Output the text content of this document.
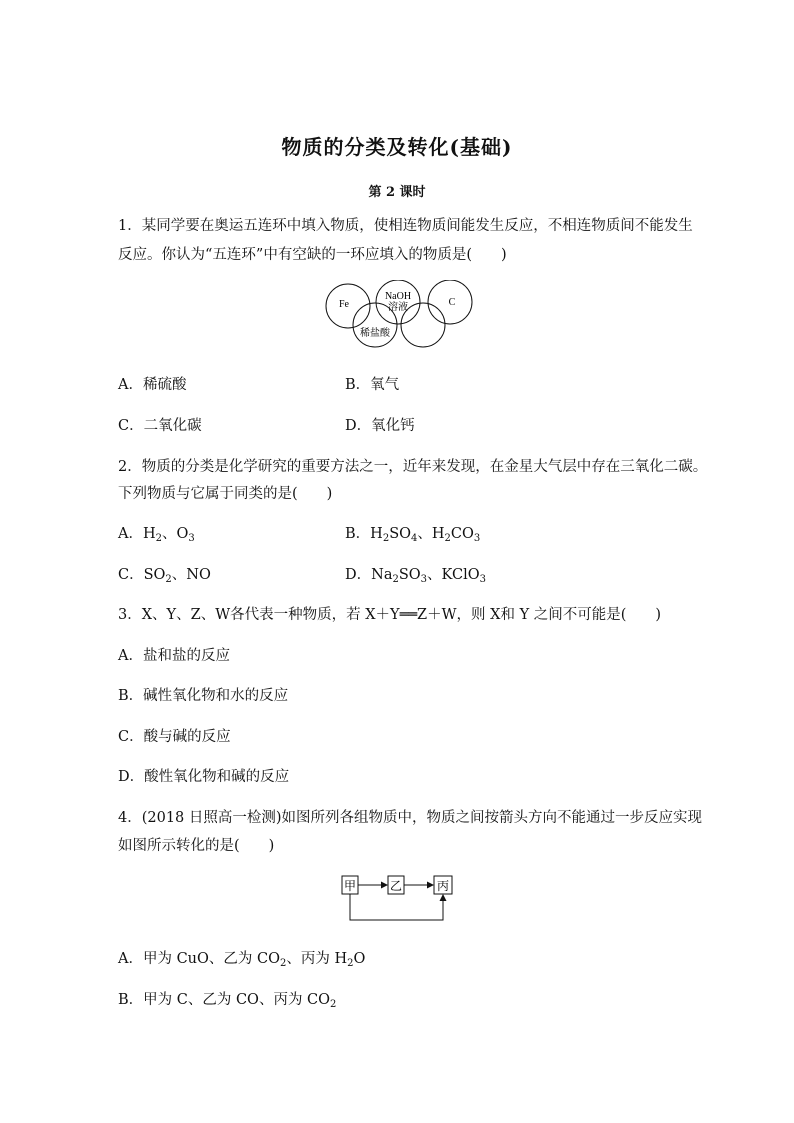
物质的分类及转化(基础)
第 2 课时
1．某同学要在奥运五连环中填入物质，使相连物质间能发生反应，不相连物质间不能发生
反应。你认为“五连环”中有空缺的一环应填入的物质是(　　)
Fe
NaOH
溶液	C
稀盐酸
A．稀硫酸	B．氧气
C．二氧化碳	D．氧化钙
2．物质的分类是化学研究的重要方法之一，近年来发现，在金星大气层中存在三氧化二碳。
下列物质与它属于同类的是(　　)
A．$H_2$、$O_3$	B．$H_2SO_4$、$H_2CO_3$
C．$SO_2$、NO	D．$Na_2SO_3$、KClO$_3$
3．X、Y、Z、W各代表一种物质，若 X＋Y══Z＋W，则 X和 Y 之间不可能是(　　)
A．盐和盐的反应
B．碱性氧化物和水的反应
C．酸与碱的反应
D．酸性氧化物和碱的反应
4．(2018 日照高一检测)如图所列各组物质中，物质之间按箭头方向不能通过一步反应实现
如图所示转化的是(　　)
甲	乙	丙
A．甲为 CuO、乙为 $CO_2$、丙为 $H_2O$
B．甲为 C、乙为 CO、丙为 $CO_2$
